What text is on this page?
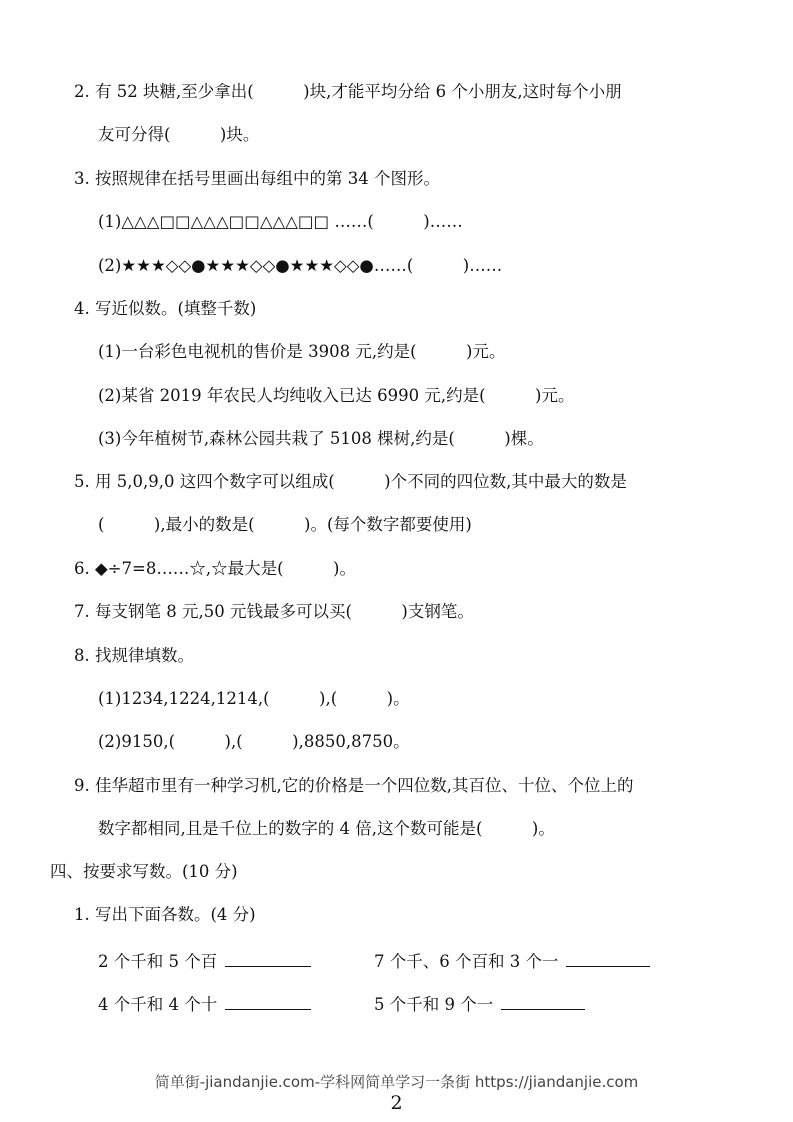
2. 有 52 块糖,至少拿出(　　　)块,才能平均分给 6 个小朋友,这时每个小朋
友可分得(　　　)块。
3. 按照规律在括号里画出每组中的第 34 个图形。
(1)△△△□□△△△□□△△△□□ ……(　　　)……
(2)★★★◇◇●★★★◇◇●★★★◇◇●……(　　　)……
4. 写近似数。(填整千数)
(1)一台彩色电视机的售价是 3908 元,约是(　　　)元。
(2)某省 2019 年农民人均纯收入已达 6990 元,约是(　　　)元。
(3)今年植树节,森林公园共栽了 5108 棵树,约是(　　　)棵。
5. 用 5,0,9,0 这四个数字可以组成(　　　)个不同的四位数,其中最大的数是
(　　　),最小的数是(　　　)。(每个数字都要使用)
6. ◆÷7=8……☆,☆最大是(　　　)。
7. 每支钢笔 8 元,50 元钱最多可以买(　　　)支钢笔。
8. 找规律填数。
(1)1234,1224,1214,(　　　),(　　　)。
(2)9150,(　　　),(　　　),8850,8750。
9. 佳华超市里有一种学习机,它的价格是一个四位数,其百位、十位、个位上的
数字都相同,且是千位上的数字的 4 倍,这个数可能是(　　　)。
四、按要求写数。(10 分)
1. 写出下面各数。(4 分)
2 个千和 5 个百	7 个千、6 个百和 3 个一
4 个千和 4 个十	5 个千和 9 个一
简单街-jiandanjie.com-学科网简单学习一条街 https://jiandanjie.com
2
